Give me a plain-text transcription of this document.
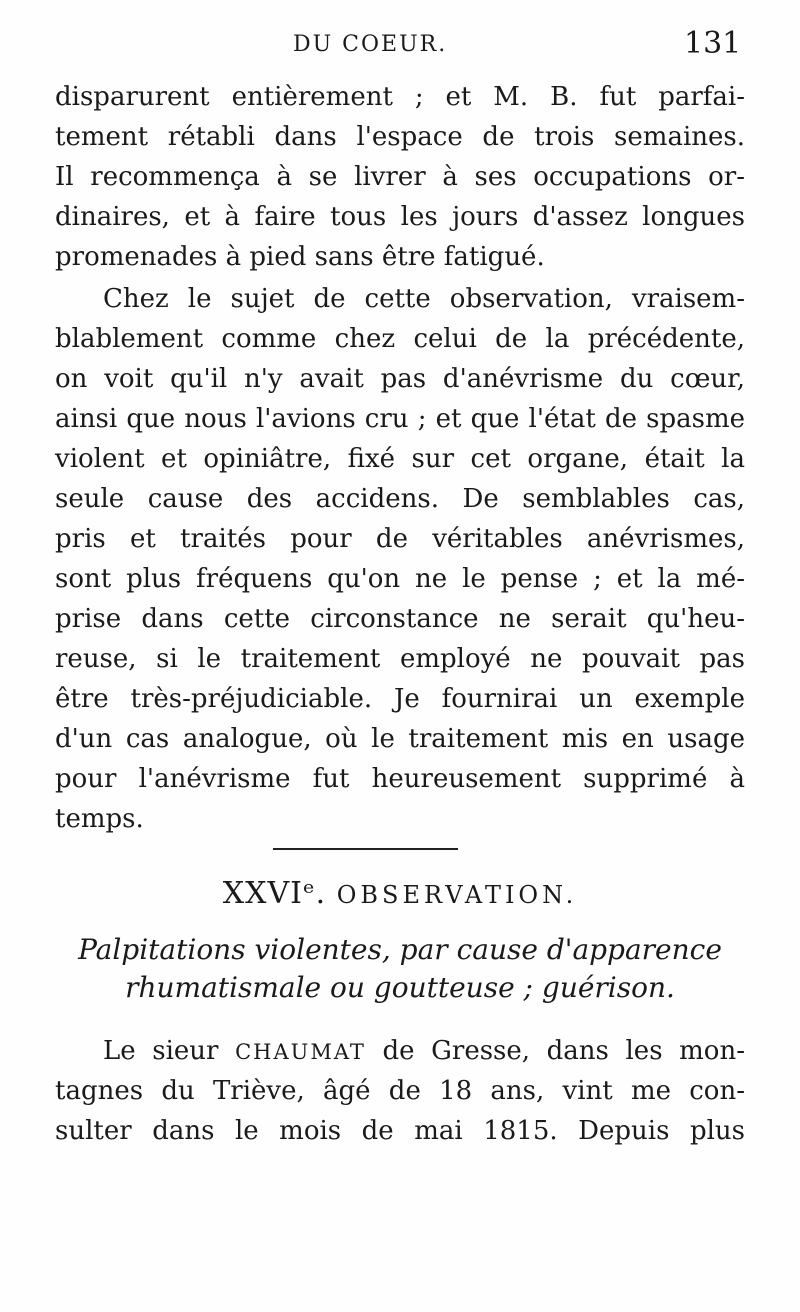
DU COEUR.	131
disparurent entièrement ; et M. B. fut parfai-
tement rétabli dans l'espace de trois semaines.
Il recommença à se livrer à ses occupations or-
dinaires, et à faire tous les jours d'assez longues
promenades à pied sans être fatigué.
Chez le sujet de cette observation, vraisem-
blablement comme chez celui de la précédente,
on voit qu'il n'y avait pas d'anévrisme du cœur,
ainsi que nous l'avions cru ; et que l'état de spasme
violent et opiniâtre, fixé sur cet organe, était la
seule cause des accidens. De semblables cas,
pris et traités pour de véritables anévrismes,
sont plus fréquens qu'on ne le pense ; et la mé-
prise dans cette circonstance ne serait qu'heu-
reuse, si le traitement employé ne pouvait pas
être très-préjudiciable. Je fournirai un exemple
d'un cas analogue, où le traitement mis en usage
pour l'anévrisme fut heureusement supprimé à
temps.
XXVIᵉ. OBSERVATION.
Palpitations violentes, par cause d'apparence
rhumatismale ou goutteuse ; guérison.
Le sieur CHAUMAT de Gresse, dans les mon-
tagnes du Triève, âgé de 18 ans, vint me con-
sulter dans le mois de mai 1815. Depuis plus
